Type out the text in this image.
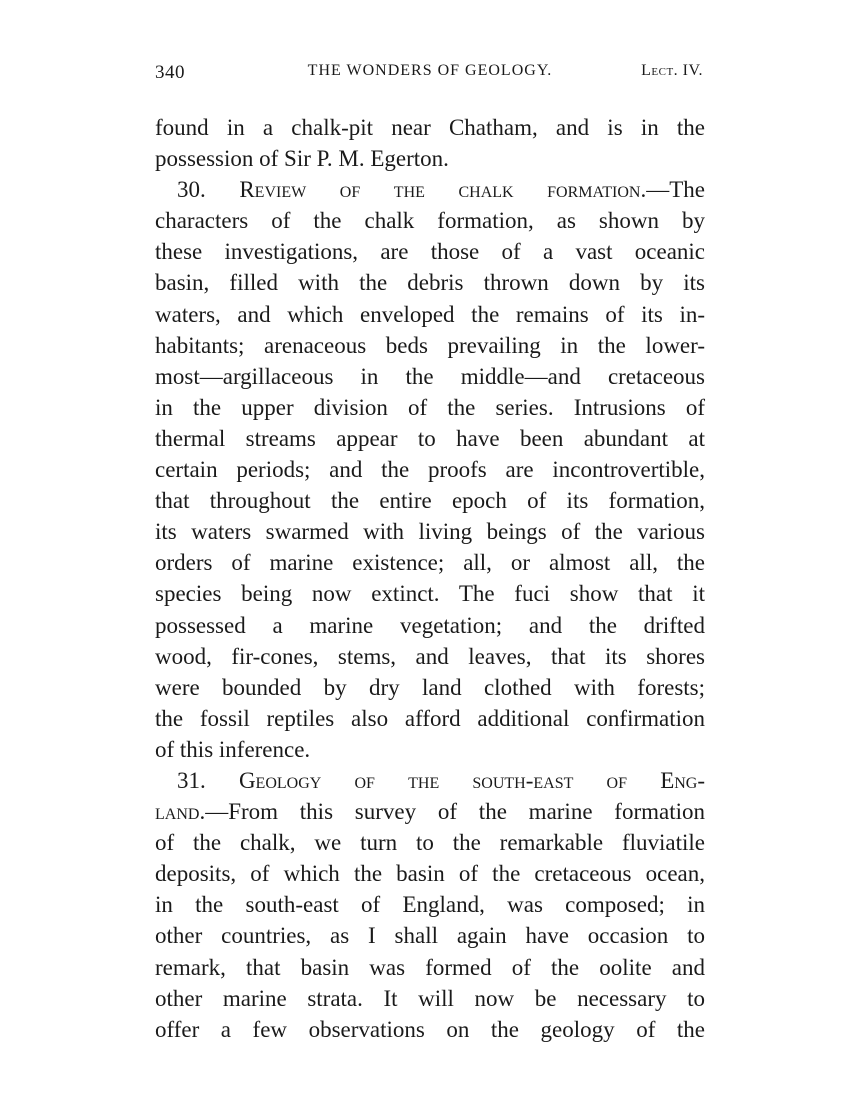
340	THE WONDERS OF GEOLOGY.	Lect. IV.
found in a chalk-pit near Chatham, and is in the
possession of Sir P. M. Egerton.
30. Review of the chalk formation.—The
characters of the chalk formation, as shown by
these investigations, are those of a vast oceanic
basin, filled with the debris thrown down by its
waters, and which enveloped the remains of its in-
habitants; arenaceous beds prevailing in the lower-
most—argillaceous in the middle—and cretaceous
in the upper division of the series. Intrusions of
thermal streams appear to have been abundant at
certain periods; and the proofs are incontrovertible,
that throughout the entire epoch of its formation,
its waters swarmed with living beings of the various
orders of marine existence; all, or almost all, the
species being now extinct. The fuci show that it
possessed a marine vegetation; and the drifted
wood, fir-cones, stems, and leaves, that its shores
were bounded by dry land clothed with forests;
the fossil reptiles also afford additional confirmation
of this inference.
31. Geology of the south-east of Eng-
land.—From this survey of the marine formation
of the chalk, we turn to the remarkable fluviatile
deposits, of which the basin of the cretaceous ocean,
in the south-east of England, was composed; in
other countries, as I shall again have occasion to
remark, that basin was formed of the oolite and
other marine strata. It will now be necessary to
offer a few observations on the geology of the
